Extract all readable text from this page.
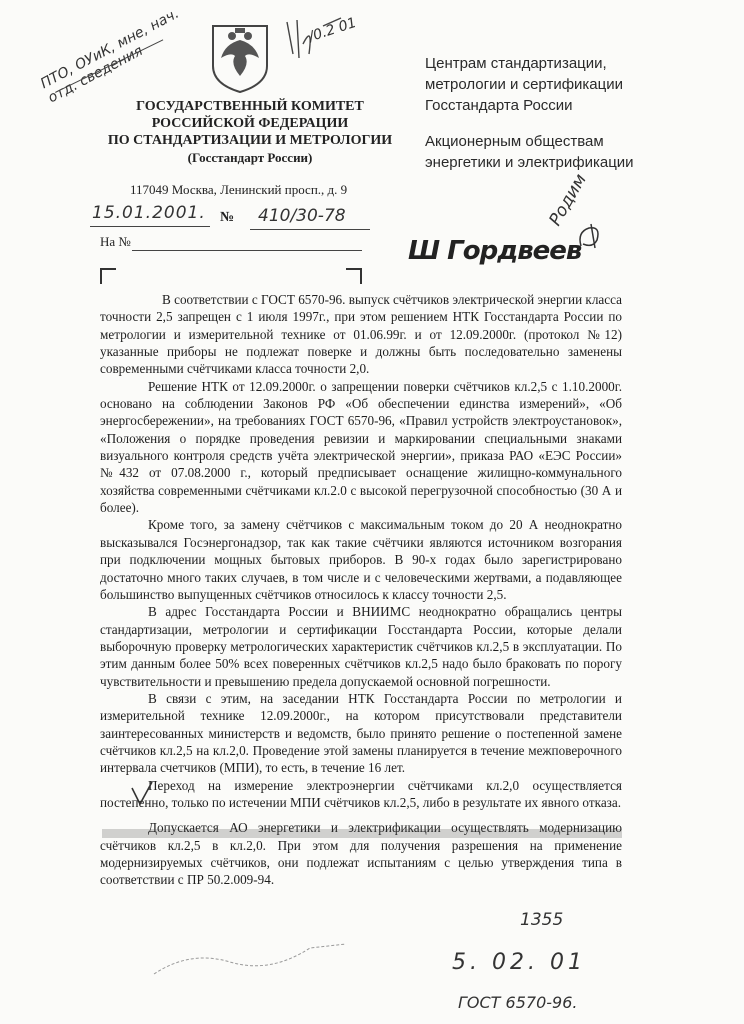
ПТО, ОУиК, мне, нач. отд. сведения
/0.2 01
ГОСУДАРСТВЕННЫЙ КОМИТЕТ
РОССИЙСКОЙ ФЕДЕРАЦИИ
ПО СТАНДАРТИЗАЦИИ И МЕТРОЛОГИИ
(Госстандарт России)
117049 Москва, Ленинский просп., д. 9
15.01.2001. № 410/30-78
На №
Центрам стандартизации,
метрологии и сертификации
Госстандарта России
Акционерным обществам
энергетики и электрификации
Родим
Ш Гордвеев

В соответствии с ГОСТ 6570-96. выпуск счётчиков электрической энергии класса точности 2,5 запрещен с 1 июля 1997г., при этом решением НТК Госстандарта России по метрологии и измерительной технике от 01.06.99г. и от 12.09.2000г. (протокол №12) указанные приборы не подлежат поверке и должны быть последовательно заменены современными счётчиками класса точности 2,0.

Решение НТК от 12.09.2000г. о запрещении поверки счётчиков кл.2,5 с 1.10.2000г. основано на соблюдении Законов РФ «Об обеспечении единства измерений», «Об энергосбережении», на требованиях ГОСТ 6570-96, «Правил устройств электроустановок», «Положения о порядке проведения ревизии и маркировании специальными знаками визуального контроля средств учёта электрической энергии», приказа РАО «ЕЭС России» №432 от 07.08.2000 г., который предписывает оснащение жилищно-коммунального хозяйства современными счётчиками кл.2.0 с высокой перегрузочной способностью (30 А и более).

Кроме того, за замену счётчиков с максимальным током до 20 А неоднократно высказывался Госэнергонадзор, так как такие счётчики являются источником возгорания при подключении мощных бытовых приборов. В 90-х годах было зарегистрировано достаточно много таких случаев, в том числе и с человеческими жертвами, а подавляющее большинство выпущенных счётчиков относилось к классу точности 2,5.

В адрес Госстандарта России и ВНИИМС неоднократно обращались центры стандартизации, метрологии и сертификации Госстандарта России, которые делали выборочную проверку метрологических характеристик счётчиков кл.2,5 в эксплуатации. По этим данным более 50% всех поверенных счётчиков кл.2,5 надо было браковать по порогу чувствительности и превышению предела допускаемой основной погрешности.

В связи с этим, на заседании НТК Госстандарта России по метрологии и измерительной технике 12.09.2000г., на котором присутствовали представители заинтересованных министерств и ведомств, было принято решение о постепенной замене счётчиков кл.2,5 на кл.2,0. Проведение этой замены планируется в течение межповерочного интервала счетчиков (МПИ), то есть, в течение 16 лет.

Переход на измерение электроэнергии счётчиками кл.2,0 осуществляется постепенно, только по истечении МПИ счётчиков кл.2,5, либо в результате их явного отказа.

Допускается АО энергетики и электрификации осуществлять модернизацию счётчиков кл.2,5 в кл.2,0. При этом для получения разрешения на применение модернизируемых счётчиков, они подлежат испытаниям с целью утверждения типа в соответствии с ПР 50.2.009-94.

1355
5. 02. 01
ГОСТ 6570-96.
